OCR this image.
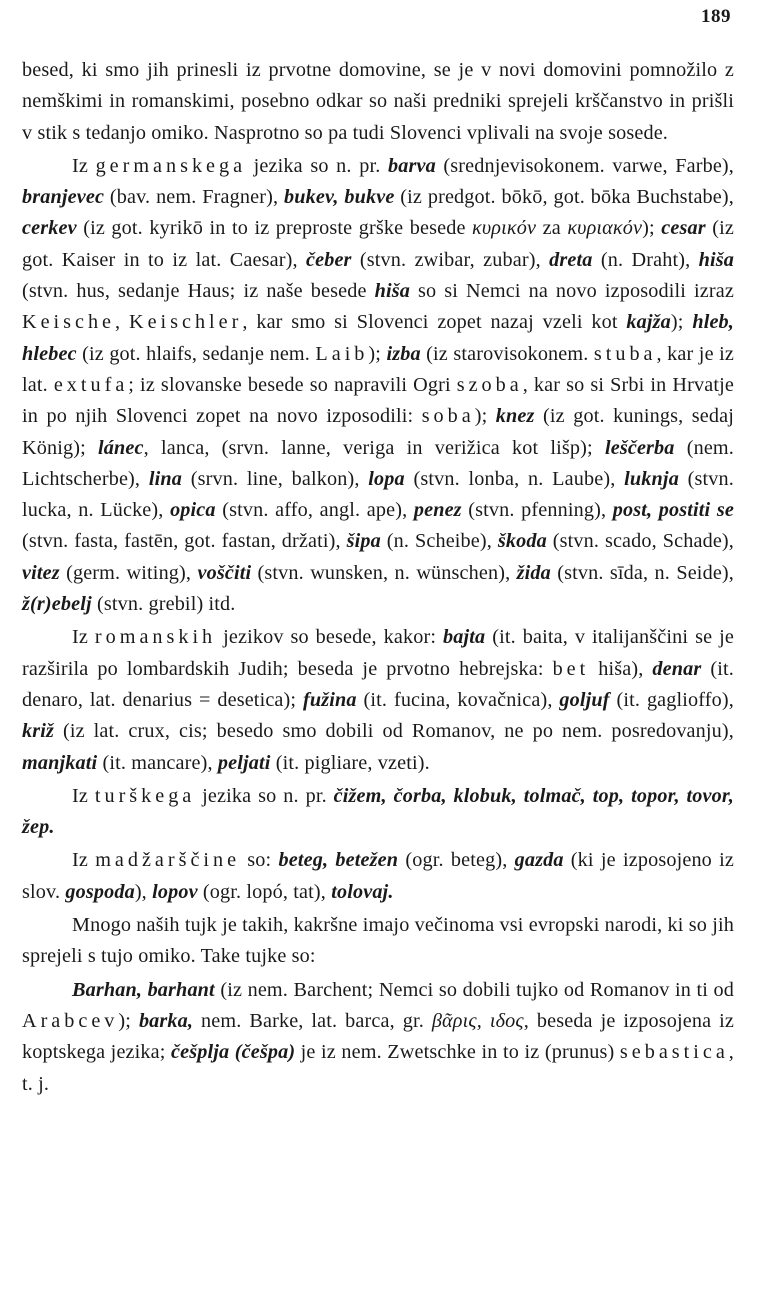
189

besed, ki smo jih prinesli iz prvotne domovine, se je v novi domovini pomnožilo z nemškimi in romanskimi, posebno odkar so naši predniki sprejeli krščanstvo in prišli v stik s tedanjo omiko. Nasprotno so pa tudi Slovenci vplivali na svoje sosede.

Iz germanskega jezika so n. pr. barva (srednjevisokonem. varwe, Farbe), branjevec (bav. nem. Fragner), bukev, bukve (iz predgot. bōkō, got. bōka Buchstabe), cerkev (iz got. kyrikō in to iz preproste grške besede κυρικόν za κυριακόν); cesar (iz got. Kaiser in to iz lat. Caesar), čeber (stvn. zwibar, zubar), dreta (n. Draht), hiša (stvn. hus, sedanje Haus; iz naše besede hiša so si Nemci na novo izposodili izraz Keische, Keischler, kar smo si Slovenci zopet nazaj vzeli kot kajža); hleb, hlebec (iz got. hlaifs, sedanje nem. Laib); izba (iz starovisokonem. stuba, kar je iz lat. extufa; iz slovanske besede so napravili Ogri szoba, kar so si Srbi in Hrvatje in po njih Slovenci zopet na novo izposodili: soba); knez (iz got. kunings, sedaj König); lánec, lanca, (srvn. lanne, veriga in verižica kot lišp); leščerba (nem. Lichtscherbe), lina (srvn. line, balkon), lopa (stvn. lonba, n. Laube), luknja (stvn. lucka, n. Lücke), opica (stvn. affo, angl. ape), penez (stvn. pfenning), post, postiti se (stvn. fasta, fastēn, got. fastan, držati), šipa (n. Scheibe), škoda (stvn. scado, Schade), vitez (germ. witing), voščiti (stvn. wunsken, n. wünschen), žida (stvn. sīda, n. Seide), ž(r)ebelj (stvn. grebil) itd.

Iz romanskih jezikov so besede, kakor: bajta (it. baita, v italijanščini se je razširila po lombardskih Judih; beseda je prvotno hebrejska: bet hiša), denar (it. denaro, lat. denarius = desetica); fužina (it. fucina, kovačnica), goljuf (it. gaglioffo), križ (iz lat. crux, cis; besedo smo dobili od Romanov, ne po nem. posredovanju), manjkati (it. mancare), peljati (it. pigliare, vzeti).

Iz turškega jezika so n. pr. čižem, čorba, klobuk, tolmač, top, topor, tovor, žep.

Iz madžarščine so: beteg, betežen (ogr. beteg), gazda (ki je izposojeno iz slov. gospoda), lopov (ogr. lopó, tat), tolovaj.

Mnogo naših tujk je takih, kakršne imajo večinoma vsi evropski narodi, ki so jih sprejeli s tujo omiko. Take tujke so:

Barhan, barhant (iz nem. Barchent; Nemci so dobili tujko od Romanov in ti od Arabcev); barka, nem. Barke, lat. barca, gr. βᾶρις, ιδος, beseda je izposojena iz koptskega jezika; češplja (češpa) je iz nem. Zwetschke in to iz (prunus) sebastica, t. j.
